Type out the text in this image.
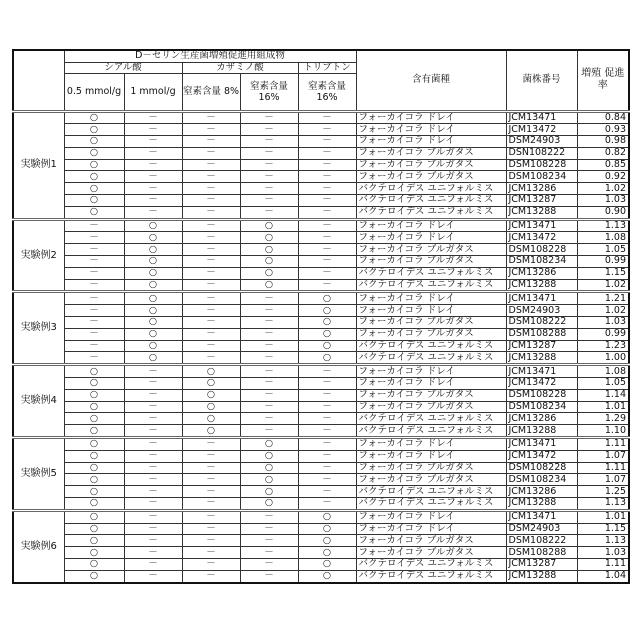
	D－セリン生産菌増殖促進用組成物	含有菌種	菌株番号	増殖 促進率
シアル酸	カザミノ酸	トリプトン
0.5 mmol/g	1 mmol/g	窒素含量 8%	窒素含量 16%	窒素含量 16%
実験例1	○	－	－	－	－	フォーカイコラ ドレイ	JCM13471	0.84
○	－	－	－	－	フォーカイコラ ドレイ	JCM13472	0.93
○	－	－	－	－	フォーカイコラ ドレイ	DSM24903	0.98
○	－	－	－	－	フォーカイコラ ブルガタス	DSN108222	0.82
○	－	－	－	－	フォーカイコラ ブルガタス	DSM108228	0.85
○	－	－	－	－	フォーカイコラ ブルガタス	DSM108234	0.92
○	－	－	－	－	バクテロイデス ユニフォルミス	JCM13286	1.02
○	－	－	－	－	バクテロイデス ユニフォルミス	JCM13287	1.03
○	－	－	－	－	バクテロイデス ユニフォルミス	JCM13288	0.90
実験例2	－	○	－	○	－	フォーカイコラ ドレイ	JCM13471	1.13
－	○	－	○	－	フォーカイコラ ドレイ	JCM13472	1.08
－	○	－	○	－	フォーカイコラ ブルガタス	DSM108228	1.05
－	○	－	○	－	フォーカイコラ ブルガタス	DSM108234	0.99
－	○	－	○	－	バクテロイデス ユニフォルミス	JCM13286	1.15
－	○	－	○	－	バクテロイデス ユニフォルミス	JCM13288	1.02
実験例3	－	○	－	－	○	フォーカイコラ ドレイ	JCM13471	1.21
－	○	－	－	○	フォーカイコラ ドレイ	DSM24903	1.02
－	○	－	－	○	フォーカイコラ ブルガタス	DSM108222	1.03
－	○	－	－	○	フォーカイコラ ブルガタス	DSM108288	0.99
－	○	－	－	○	バクテロイデス ユニフォルミス	JCM13287	1.23
－	○	－	－	○	バクテロイデス ユニフォルミス	JCM13288	1.00
実験例4	○	－	○	－	－	フォーカイコラ ドレイ	JCM13471	1.08
○	－	○	－	－	フォーカイコラ ドレイ	JCM13472	1.05
○	－	○	－	－	フォーカイコラ ブルガタス	DSM108228	1.14
○	－	○	－	－	フォーカイコラ ブルガタス	DSM108234	1.01
○	－	○	－	－	バクテロイデス ユニフォルミス	JCM13286	1.29
○	－	○	－	－	バクテロイデス ユニフォルミス	JCM13288	1.10
実験例5	○	－	－	○	－	フォーカイコラ ドレイ	JCM13471	1.11
○	－	－	○	－	フォーカイコラ ドレイ	JCM13472	1.07
○	－	－	○	－	フォーカイコラ ブルガタス	DSM108228	1.11
○	－	－	○	－	フォーカイコラ ブルガタス	DSM108234	1.07
○	－	－	○	－	バクテロイデス ユニフォルミス	JCM13286	1.25
○	－	－	○	－	バクテロイデス ユニフォルミス	JCM13288	1.13
実験例6	○	－	－	－	○	フォーカイコラ ドレイ	JCM13471	1.01
○	－	－	－	○	フォーカイコラ ドレイ	DSM24903	1.15
○	－	－	－	○	フォーカイコラ ブルガタス	DSM108222	1.13
○	－	－	－	○	フォーカイコラ ブルガタス	DSM108288	1.03
○	－	－	－	○	バクテロイデス ユニフォルミス	JCM13287	1.11
○	－	－	－	○	バクテロイデス ユニフォルミス	JCM13288	1.04
